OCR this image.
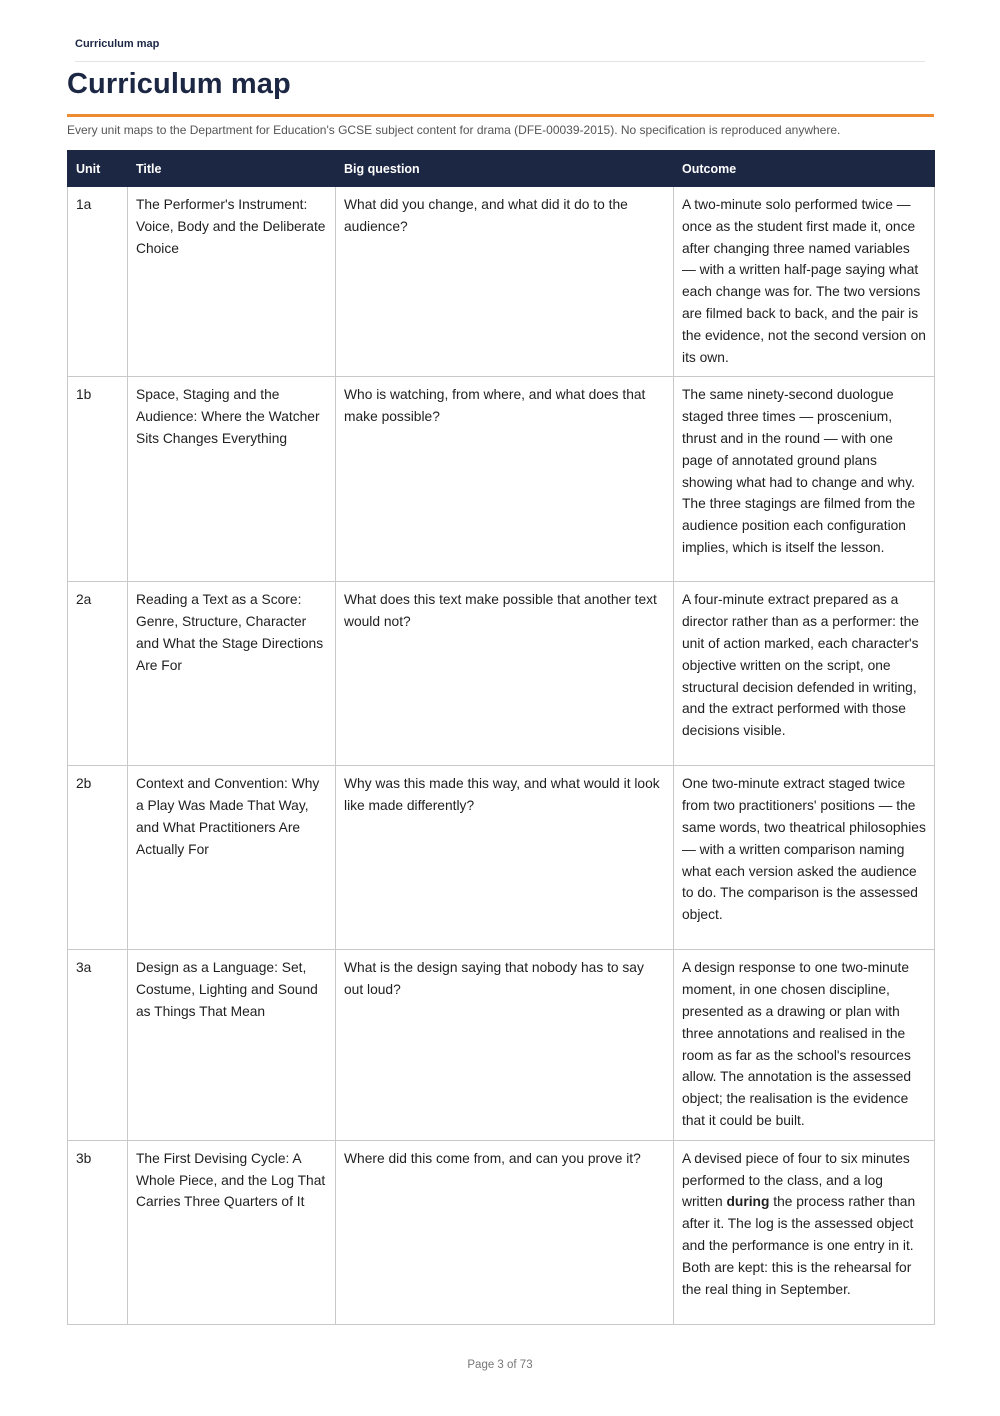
Curriculum map
Curriculum map
Every unit maps to the Department for Education's GCSE subject content for drama (DFE-00039-2015). No specification is reproduced anywhere.
Unit	Title	Big question	Outcome
1a	The Performer's Instrument: Voice, Body and the Deliberate Choice	What did you change, and what did it do to the audience?	A two-minute solo performed twice — once as the student first made it, once after changing three named variables — with a written half-page saying what each change was for. The two versions are filmed back to back, and the pair is the evidence, not the second version on its own.
1b	Space, Staging and the Audience: Where the Watcher Sits Changes Everything	Who is watching, from where, and what does that make possible?	The same ninety-second duologue staged three times — proscenium, thrust and in the round — with one page of annotated ground plans showing what had to change and why. The three stagings are filmed from the audience position each configuration implies, which is itself the lesson.
2a	Reading a Text as a Score: Genre, Structure, Character and What the Stage Directions Are For	What does this text make possible that another text would not?	A four-minute extract prepared as a director rather than as a performer: the unit of action marked, each character's objective written on the script, one structural decision defended in writing, and the extract performed with those decisions visible.
2b	Context and Convention: Why a Play Was Made That Way, and What Practitioners Are Actually For	Why was this made this way, and what would it look like made differently?	One two-minute extract staged twice from two practitioners' positions — the same words, two theatrical philosophies — with a written comparison naming what each version asked the audience to do. The comparison is the assessed object.
3a	Design as a Language: Set, Costume, Lighting and Sound as Things That Mean	What is the design saying that nobody has to say out loud?	A design response to one two-minute moment, in one chosen discipline, presented as a drawing or plan with three annotations and realised in the room as far as the school's resources allow. The annotation is the assessed object; the realisation is the evidence that it could be built.
3b	The First Devising Cycle: A Whole Piece, and the Log That Carries Three Quarters of It	Where did this come from, and can you prove it?	A devised piece of four to six minutes performed to the class, and a log written during the process rather than after it. The log is the assessed object and the performance is one entry in it. Both are kept: this is the rehearsal for the real thing in September.
Page 3 of 73
